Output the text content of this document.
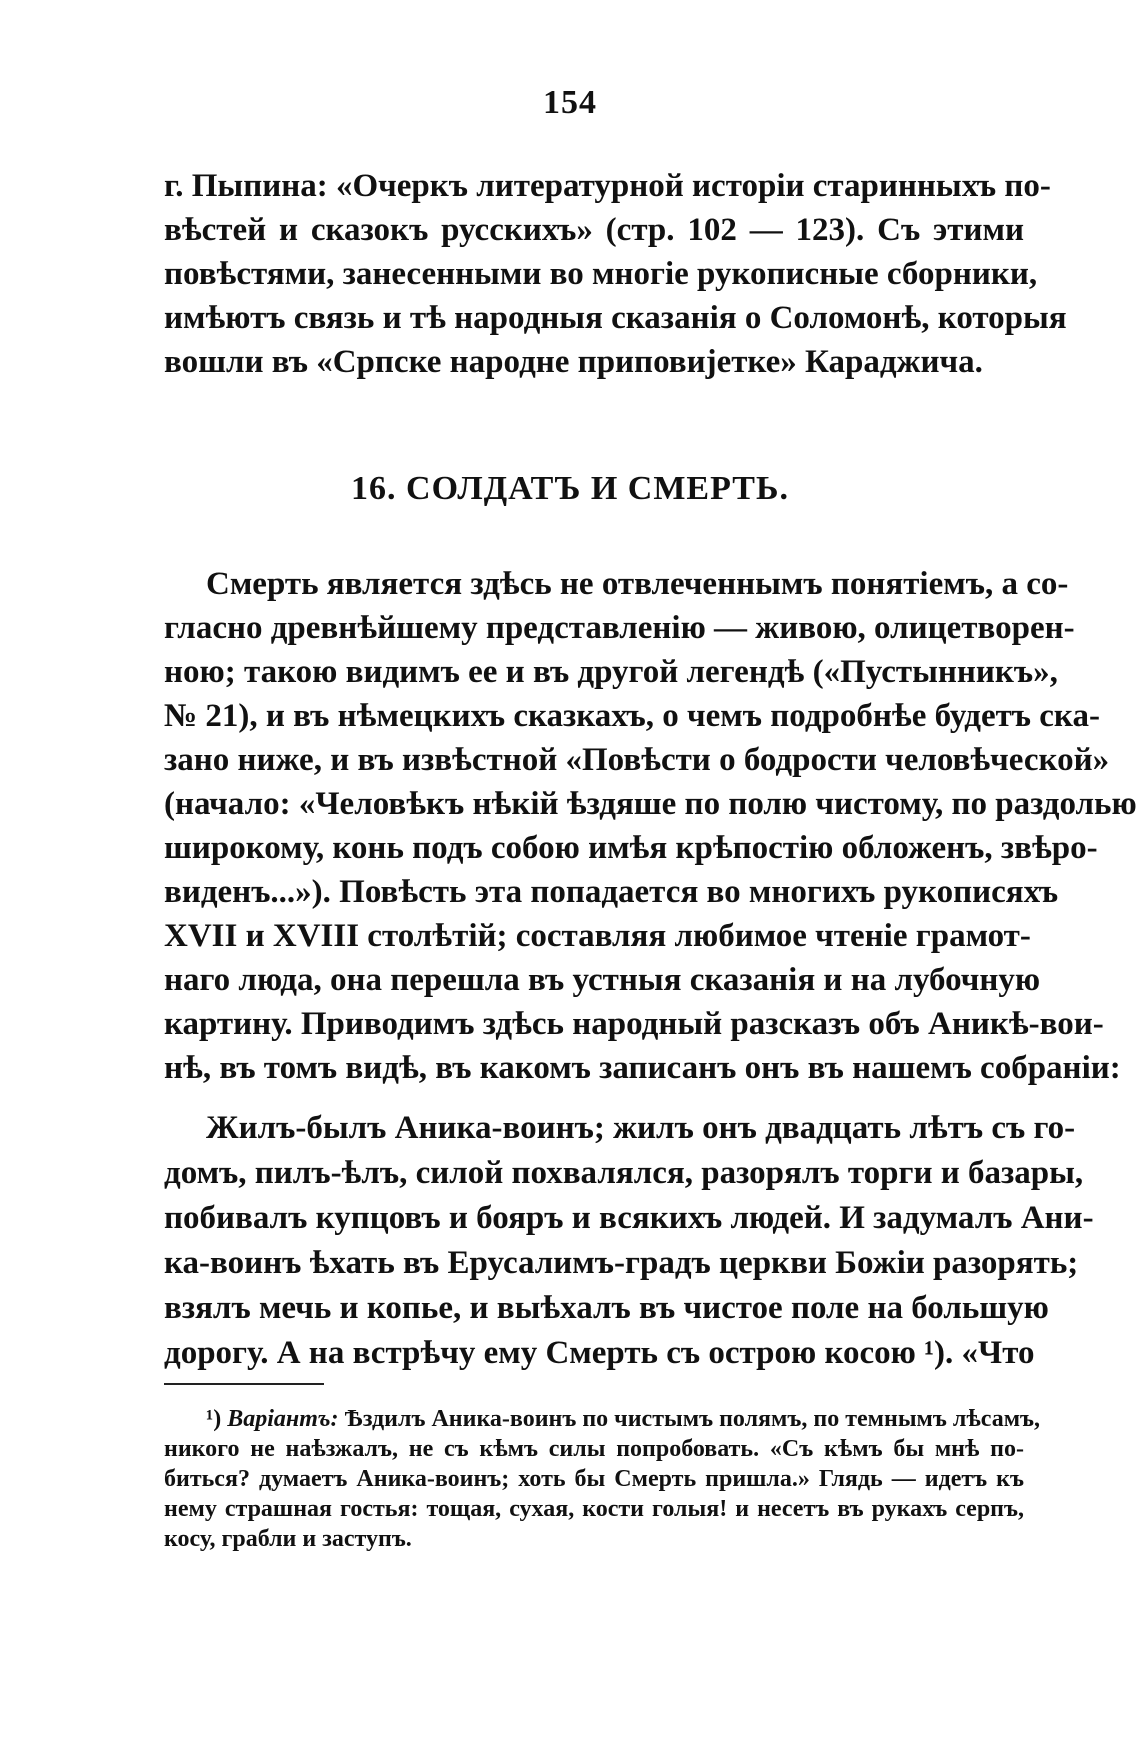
154
г. Пыпина: «Очеркъ литературной исторіи старинныхъ по-
вѣстей и сказокъ русскихъ» (стр. 102 — 123). Съ этими
повѣстями, занесенными во многіе рукописные сборники,
имѣютъ связь и тѣ народныя сказанія о Соломонѣ, которыя
вошли въ «Српске народне приповиjетке» Караджича.
16. СОЛДАТЪ И СМЕРТЬ.
Смерть является здѣсь не отвлеченнымъ понятіемъ, а со-
гласно древнѣйшему представленію — живою, олицетворен-
ною; такою видимъ ее и въ другой легендѣ («Пустынникъ»,
№ 21), и въ нѣмецкихъ сказкахъ, о чемъ подробнѣе будетъ ска-
зано ниже, и въ извѣстной «Повѣсти о бодрости человѣческой»
(начало: «Человѣкъ нѣкій ѣздяше по полю чистому, по раздолью
широкому, конь подъ собою имѣя крѣпостію обложенъ, звѣро-
виденъ...»). Повѣсть эта попадается во многихъ рукописяхъ
XVII и XVIII столѣтій; составляя любимое чтеніе грамот-
наго люда, она перешла въ устныя сказанія и на лубочную
картину. Приводимъ здѣсь народный разсказъ объ Аникѣ-вои-
нѣ, въ томъ видѣ, въ какомъ записанъ онъ въ нашемъ собраніи:
Жилъ-былъ Аника-воинъ; жилъ онъ двадцать лѣтъ съ го-
домъ, пилъ-ѣлъ, силой похвалялся, разорялъ торги и базары,
побивалъ купцовъ и бояръ и всякихъ людей. И задумалъ Ани-
ка-воинъ ѣхать въ Ерусалимъ-градъ церкви Божіи разорять;
взялъ мечь и копье, и выѣхалъ въ чистое поле на большую
дорогу. А на встрѣчу ему Смерть съ острою косою ¹). «Что
¹) Варіантъ: Ѣздилъ Аника-воинъ по чистымъ полямъ, по темнымъ лѣсамъ,
никого не наѣзжалъ, не съ кѣмъ силы попробовать. «Съ кѣмъ бы мнѣ по-
биться? думаетъ Аника-воинъ; хоть бы Смерть пришла.» Глядь — идетъ къ
нему страшная гостья: тощая, сухая, кости голыя! и несетъ въ рукахъ серпъ,
косу, грабли и заступъ.
